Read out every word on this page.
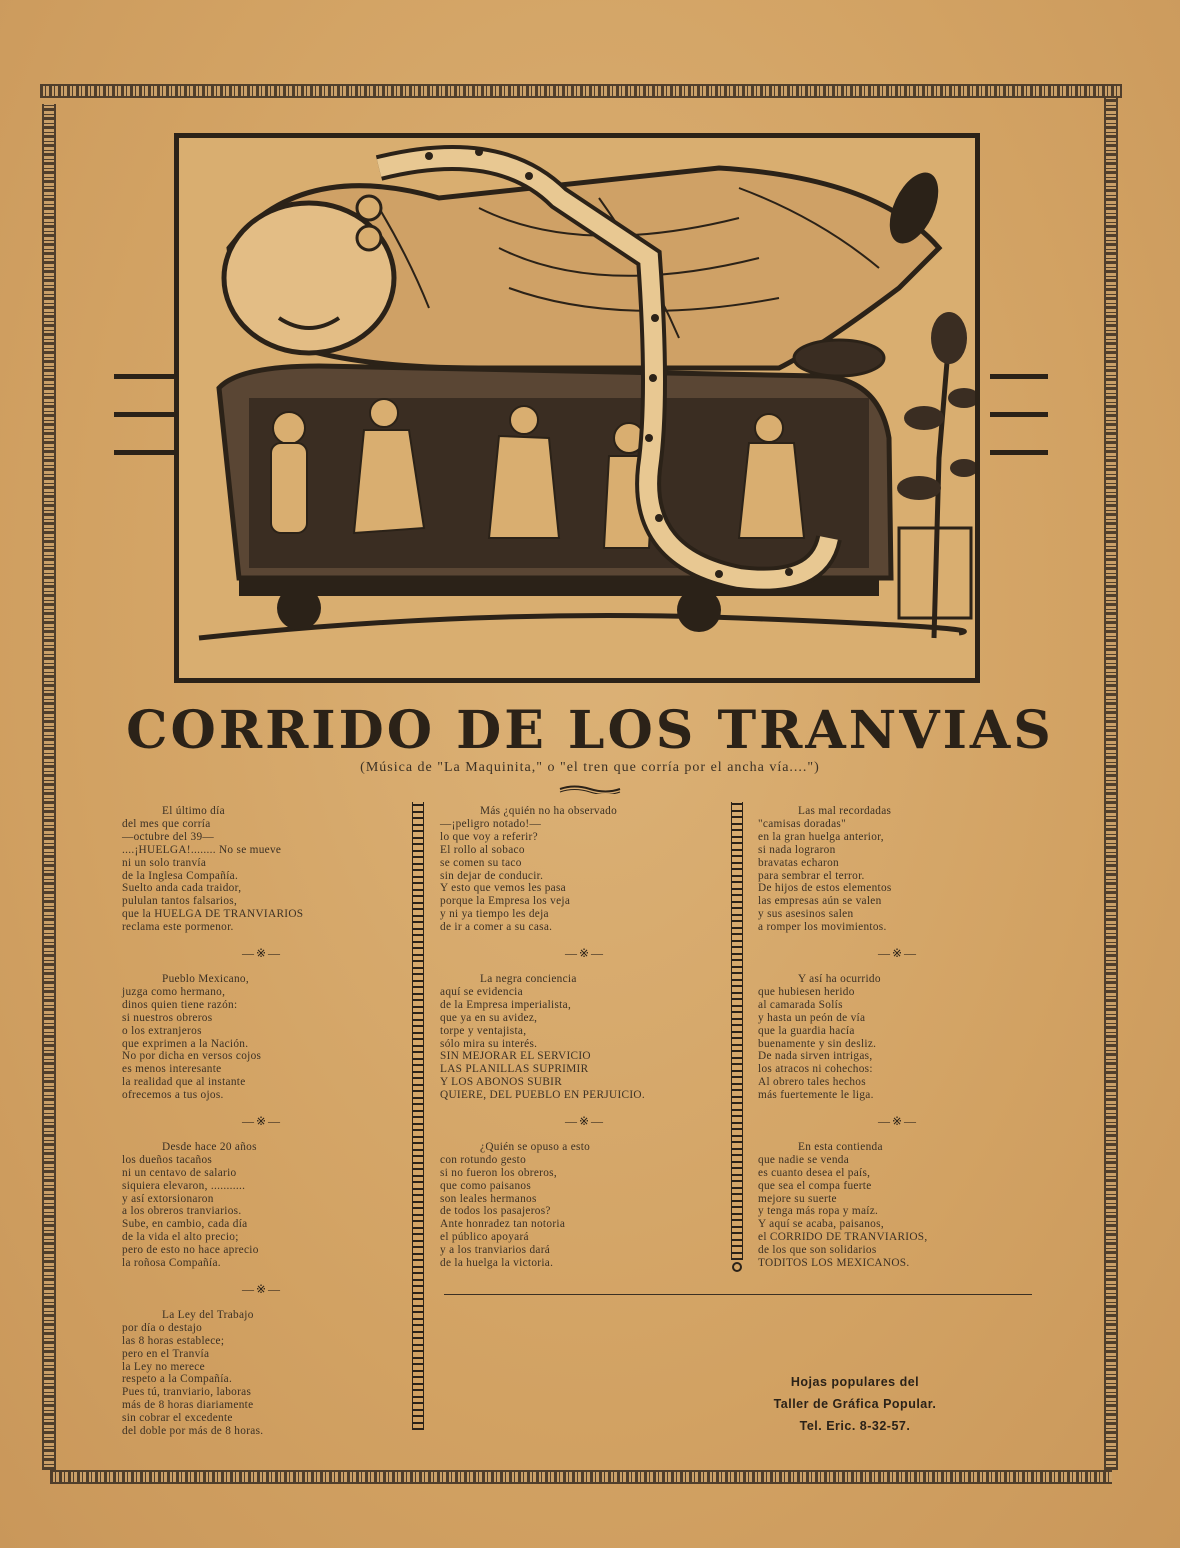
CORRIDO DE LOS TRANVIAS
(Música de "La Maquinita," o "el tren que corría por el ancha vía....")
El último día
del mes que corría
—octubre del 39—
....¡HUELGA!........ No se mueve
ni un solo tranvía
de la Inglesa Compañía.
Suelto anda cada traidor,
pululan tantos falsarios,
que la HUELGA DE TRANVIARIOS
reclama este pormenor.
—※—
Pueblo Mexicano,
juzga como hermano,
dinos quien tiene razón:
si nuestros obreros
o los extranjeros
que exprimen a la Nación.
No por dicha en versos cojos
es menos interesante
la realidad que al instante
ofrecemos a tus ojos.
—※—
Desde hace 20 años
los dueños tacaños
ni un centavo de salario
siquiera elevaron, ...........
y así extorsionaron
a los obreros tranviarios.
Sube, en cambio, cada día
de la vida el alto precio;
pero de esto no hace aprecio
la roñosa Compañía.
—※—
La Ley del Trabajo
por día o destajo
las 8 horas establece;
pero en el Tranvía
la Ley no merece
respeto a la Compañía.
Pues tú, tranviario, laboras
más de 8 horas diariamente
sin cobrar el excedente
del doble por más de 8 horas.
Más ¿quién no ha observado
—¡peligro notado!—
lo que voy a referir?
El rollo al sobaco
se comen su taco
sin dejar de conducir.
Y esto que vemos les pasa
porque la Empresa los veja
y ni ya tiempo les deja
de ir a comer a su casa.
—※—
La negra conciencia
aquí se evidencia
de la Empresa imperialista,
que ya en su avidez,
torpe y ventajista,
sólo mira su interés.
SIN MEJORAR EL SERVICIO
LAS PLANILLAS SUPRIMIR
Y LOS ABONOS SUBIR
QUIERE, DEL PUEBLO EN PERJUICIO.
—※—
¿Quién se opuso a esto
con rotundo gesto
si no fueron los obreros,
que como paisanos
son leales hermanos
de todos los pasajeros?
Ante honradez tan notoria
el público apoyará
y a los tranviarios dará
de la huelga la victoria.
Las mal recordadas
"camisas doradas"
en la gran huelga anterior,
si nada lograron
bravatas echaron
para sembrar el terror.
De hijos de estos elementos
las empresas aún se valen
y sus asesinos salen
a romper los movimientos.
—※—
Y así ha ocurrido
que hubiesen herido
al camarada Solís
y hasta un peón de vía
que la guardia hacía
buenamente y sin desliz.
De nada sirven intrigas,
los atracos ni cohechos:
Al obrero tales hechos
más fuertemente le liga.
—※—
En esta contienda
que nadie se venda
es cuanto desea el país,
que sea el compa fuerte
mejore su suerte
y tenga más ropa y maíz.
Y aquí se acaba, paisanos,
el CORRIDO DE TRANVIARIOS,
de los que son solidarios
TODITOS LOS MEXICANOS.
Hojas populares del
Taller de Gráfica Popular.
Tel. Eric. 8-32-57.
